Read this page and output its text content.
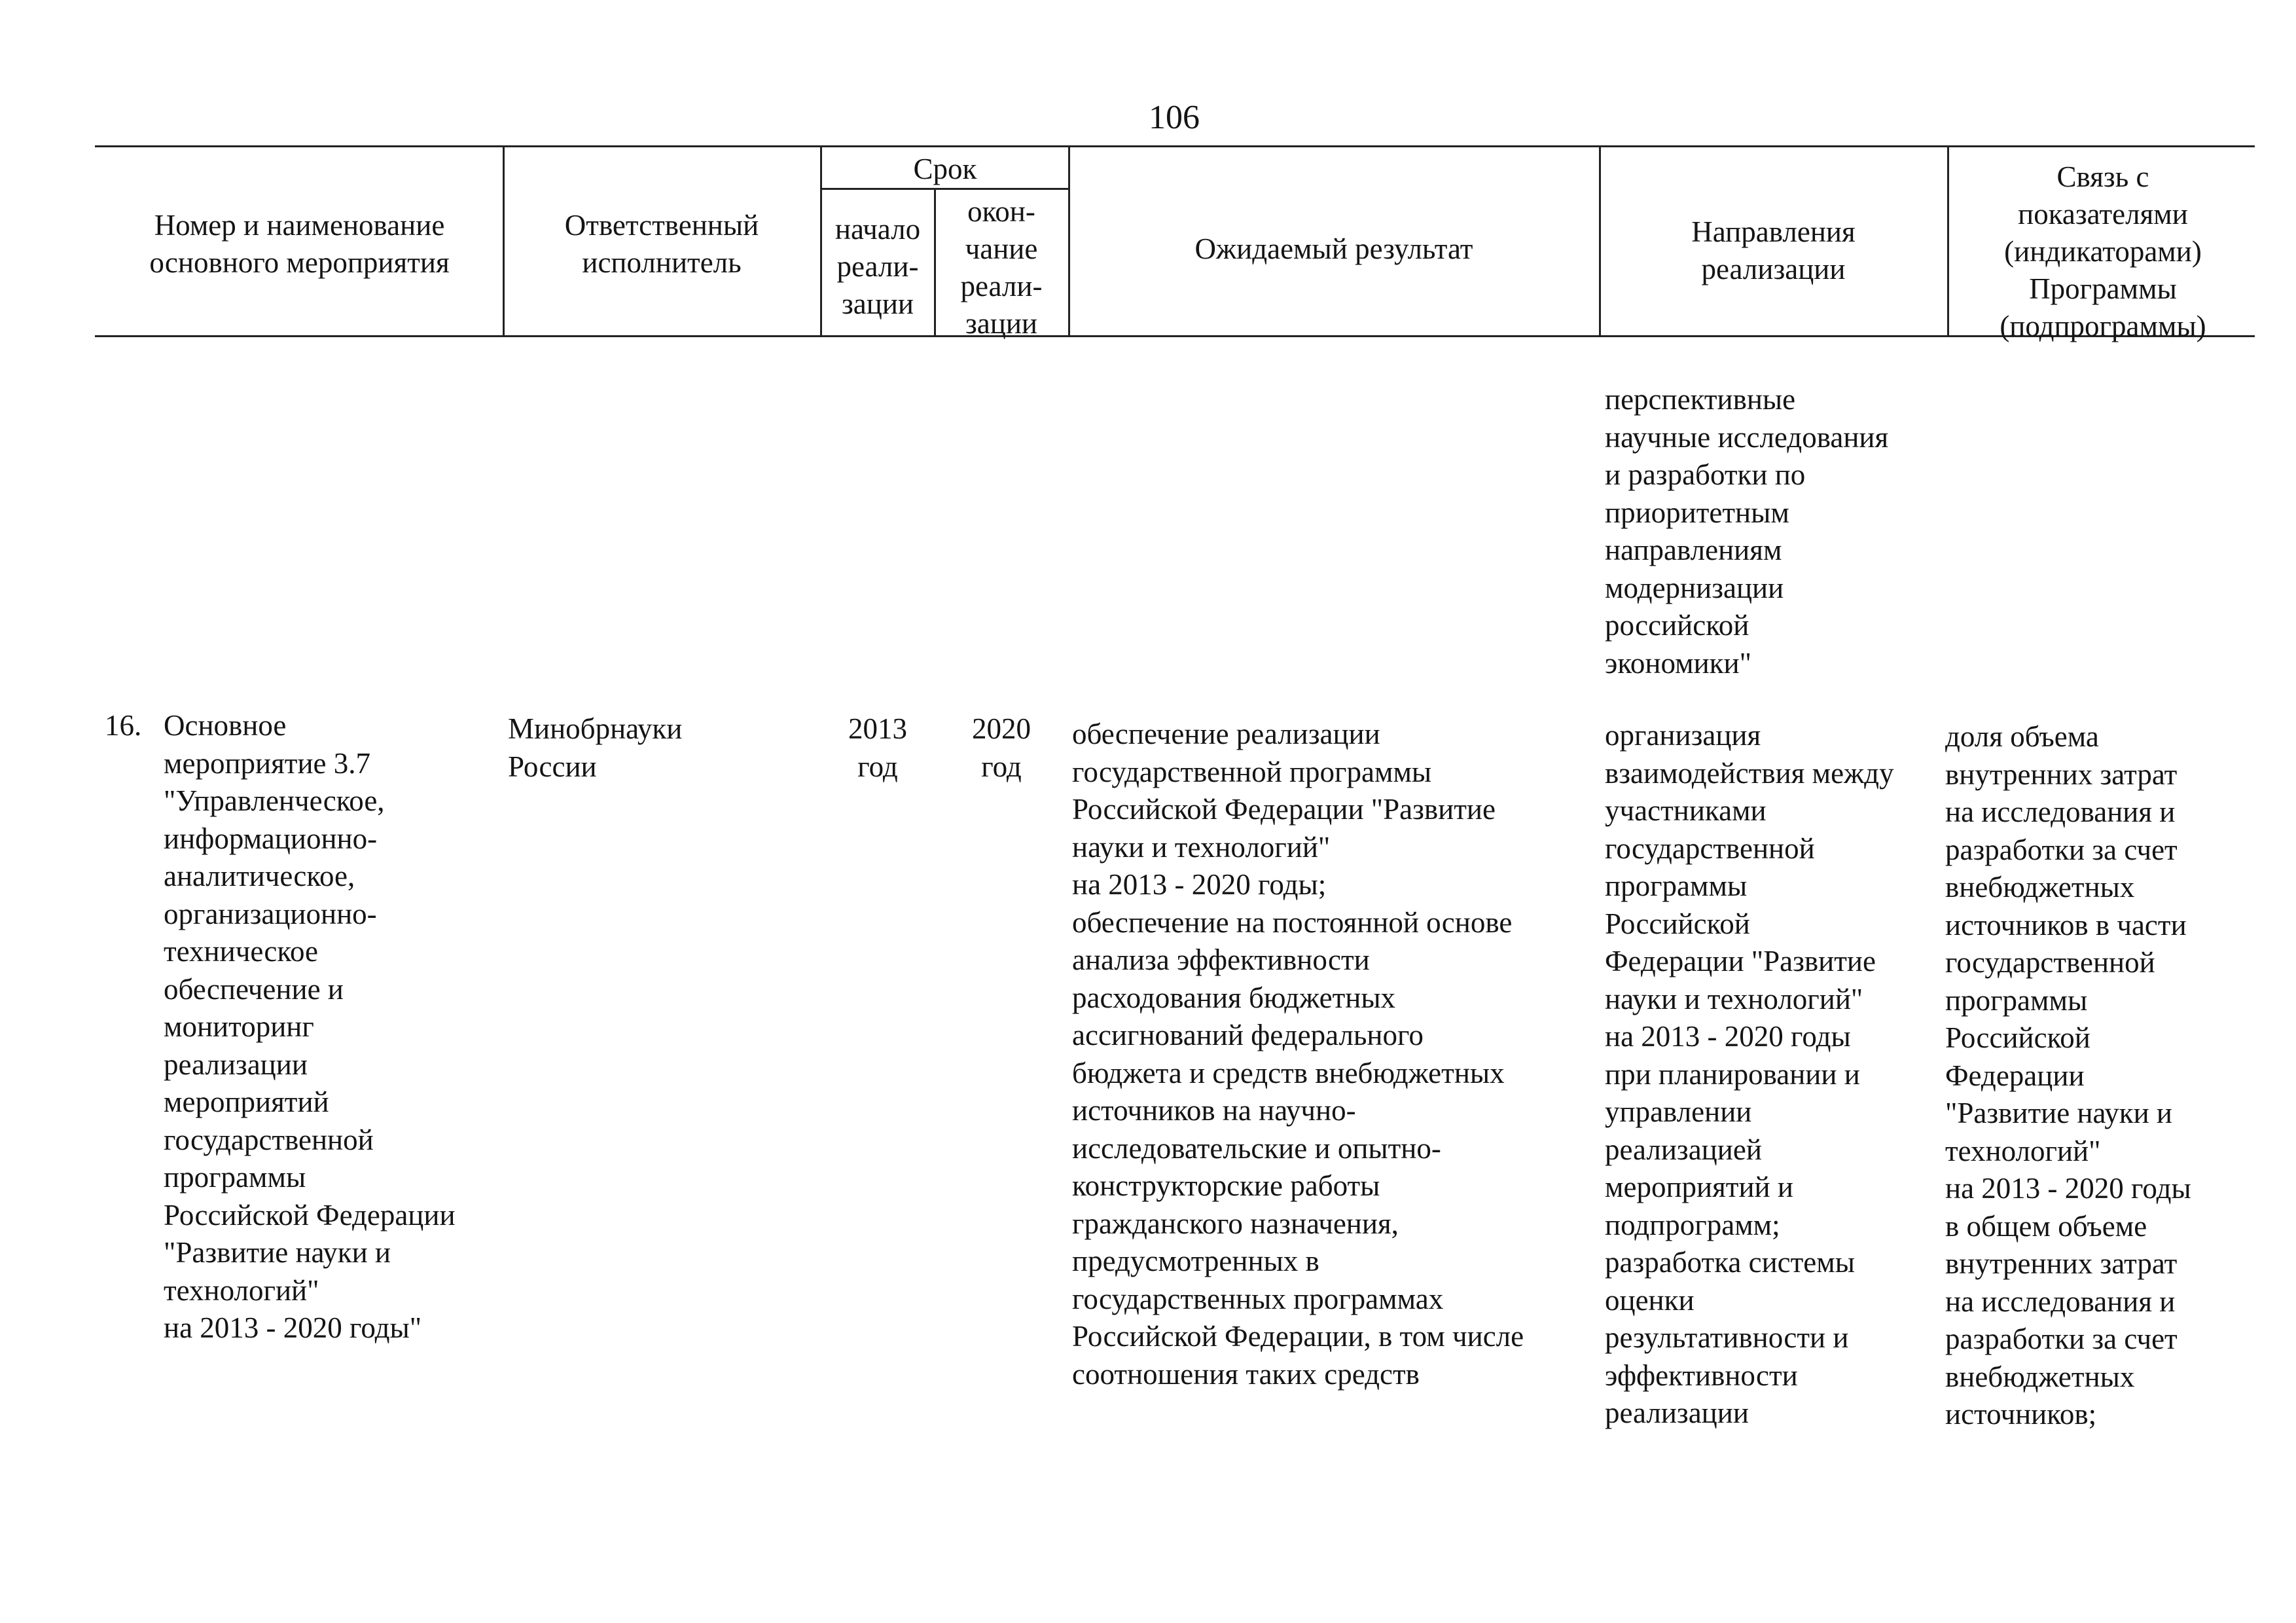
106
Номер и наименование
основного мероприятия
Ответственный
исполнитель
Срок
начало
реали-
зации
окон-
чание
реали-
зации
Ожидаемый результат
Направления
реализации
Связь с
показателями
(индикаторами)
Программы
(подпрограммы)
перспективные
научные исследования
и разработки по
приоритетным
направлениям
модернизации
российской
экономики"
16. Основное
мероприятие 3.7
"Управленческое,
информационно-
аналитическое,
организационно-
техническое
обеспечение и
мониторинг
реализации
мероприятий
государственной
программы
Российской Федерации
"Развитие науки и
технологий"
на 2013 - 2020 годы"
Минобрнауки
России
2013
год
2020
год
обеспечение реализации
государственной программы
Российской Федерации "Развитие
науки и технологий"
на 2013 - 2020 годы;
обеспечение на постоянной основе
анализа эффективности
расходования бюджетных
ассигнований федерального
бюджета и средств внебюджетных
источников на научно-
исследовательские и опытно-
конструкторские работы
гражданского назначения,
предусмотренных в
государственных программах
Российской Федерации, в том числе
соотношения таких средств
организация
взаимодействия между
участниками
государственной
программы
Российской
Федерации "Развитие
науки и технологий"
на 2013 - 2020 годы
при планировании и
управлении
реализацией
мероприятий и
подпрограмм;
разработка системы
оценки
результативности и
эффективности
реализации
доля объема
внутренних затрат
на исследования и
разработки за счет
внебюджетных
источников в части
государственной
программы
Российской
Федерации
"Развитие науки и
технологий"
на 2013 - 2020 годы
в общем объеме
внутренних затрат
на исследования и
разработки за счет
внебюджетных
источников;
